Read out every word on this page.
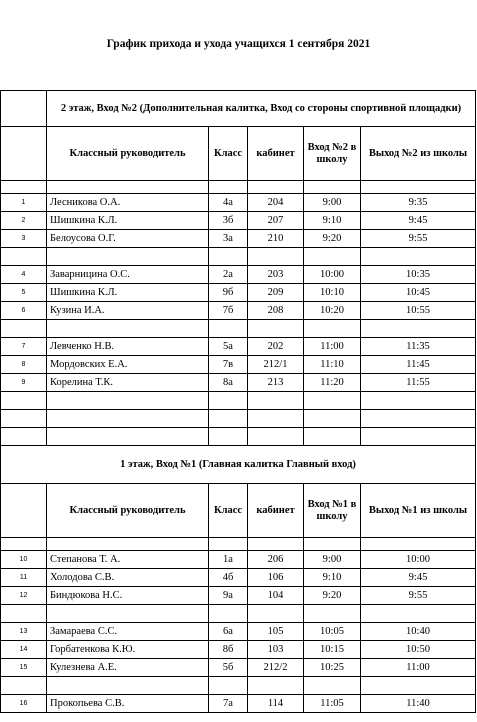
График прихода и ухода учащихся 1 сентября 2021
	2 этаж, Вход №2 (Дополнительная калитка, Вход со стороны спортивной площадки)				
	Классный руководитель	Класс	кабинет	Вход №2 в школу	Выход №2 из школы

1	Лесникова О.А.	4а	204	9:00	9:35
2	Шишкина К.Л.	3б	207	9:10	9:45
3	Белоусова О.Г.	3а	210	9:20	9:55

4	Заварницина О.С.	2а	203	10:00	10:35
5	Шишкина К.Л.	9б	209	10:10	10:45
6	Кузина И.А.	7б	208	10:20	10:55

7	Левченко Н.В.	5а	202	11:00	11:35
8	Мордовских Е.А.	7в	212/1	11:10	11:45
9	Корелина Т.К.	8а	213	11:20	11:55

1 этаж, Вход №1 (Главная калитка Главный вход)					
	Классный руководитель	Класс	кабинет	Вход №1 в школу	Выход №1 из школы

10	Степанова Т. А.	1а	206	9:00	10:00
11	Холодова С.В.	4б	106	9:10	9:45
12	Биндюкова Н.С.	9а	104	9:20	9:55

13	Замараева С.С.	6а	105	10:05	10:40
14	Горбатенкова К.Ю.	8б	103	10:15	10:50
15	Кулезнева А.Е.	5б	212/2	10:25	11:00

16	Прокопьева С.В.	7а	114	11:05	11:40
